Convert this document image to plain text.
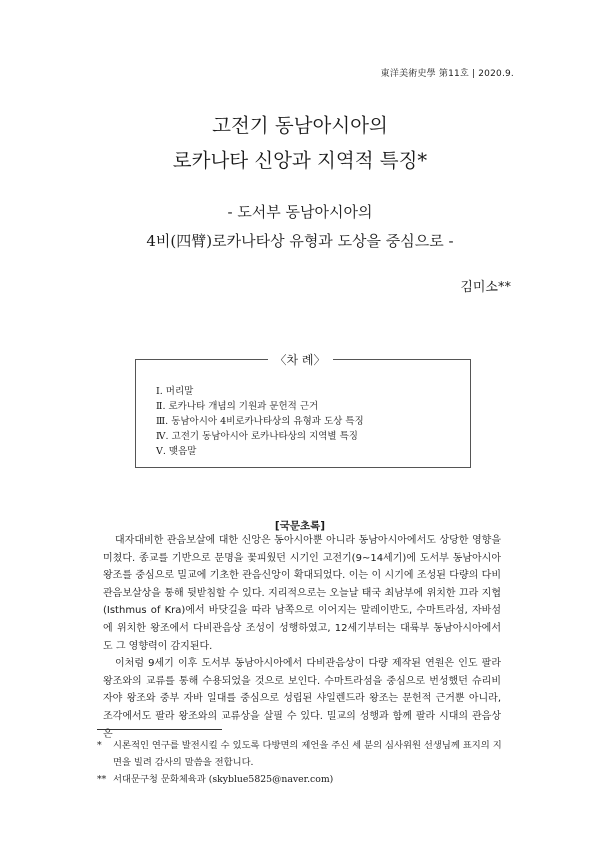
東洋美術史學 第11호 | 2020.9.
고전기 동남아시아의
로카나타 신앙과 지역적 특징*
- 도서부 동남아시아의
4비(四臂)로카나타상 유형과 도상을 중심으로 -
김미소**
〈차 례〉
Ⅰ. 머리말
Ⅱ. 로카나타 개념의 기원과 문헌적 근거
Ⅲ. 동남아시아 4비로카나타상의 유형과 도상 특징
Ⅳ. 고전기 동남아시아 로카나타상의 지역별 특징
Ⅴ. 맺음말
[국문초록]

대자대비한 관음보살에 대한 신앙은 동아시아뿐 아니라 동남아시아에서도 상당한 영향을 미쳤다. 종교를 기반으로 문명을 꽃피웠던 시기인 고전기(9~14세기)에 도서부 동남아시아 왕조를 중심으로 밀교에 기초한 관음신앙이 확대되었다. 이는 이 시기에 조성된 다량의 다비관음보살상을 통해 뒷받침할 수 있다. 지리적으로는 오늘날 태국 최남부에 위치한 끄라 지협(Isthmus of Kra)에서 바닷길을 따라 남쪽으로 이어지는 말레이반도, 수마트라섬, 자바섬에 위치한 왕조에서 다비관음상 조성이 성행하였고, 12세기부터는 대륙부 동남아시아에서도 그 영향력이 감지된다.

이처럼 9세기 이후 도서부 동남아시아에서 다비관음상이 다량 제작된 연원은 인도 팔라 왕조와의 교류를 통해 수용되었을 것으로 보인다. 수마트라섬을 중심으로 번성했던 슈리비자야 왕조와 중부 자바 일대를 중심으로 성립된 샤일렌드라 왕조는 문헌적 근거뿐 아니라, 조각에서도 팔라 왕조와의 교류상을 살필 수 있다. 밀교의 성행과 함께 팔라 시대의 관음상은

* 시론적인 연구를 발전시킬 수 있도록 다방면의 제언을 주신 세 분의 심사위원 선생님께 표지의 지면을 빌려 감사의 말씀을 전합니다.
** 서대문구청 문화체육과 (skyblue5825@naver.com)
